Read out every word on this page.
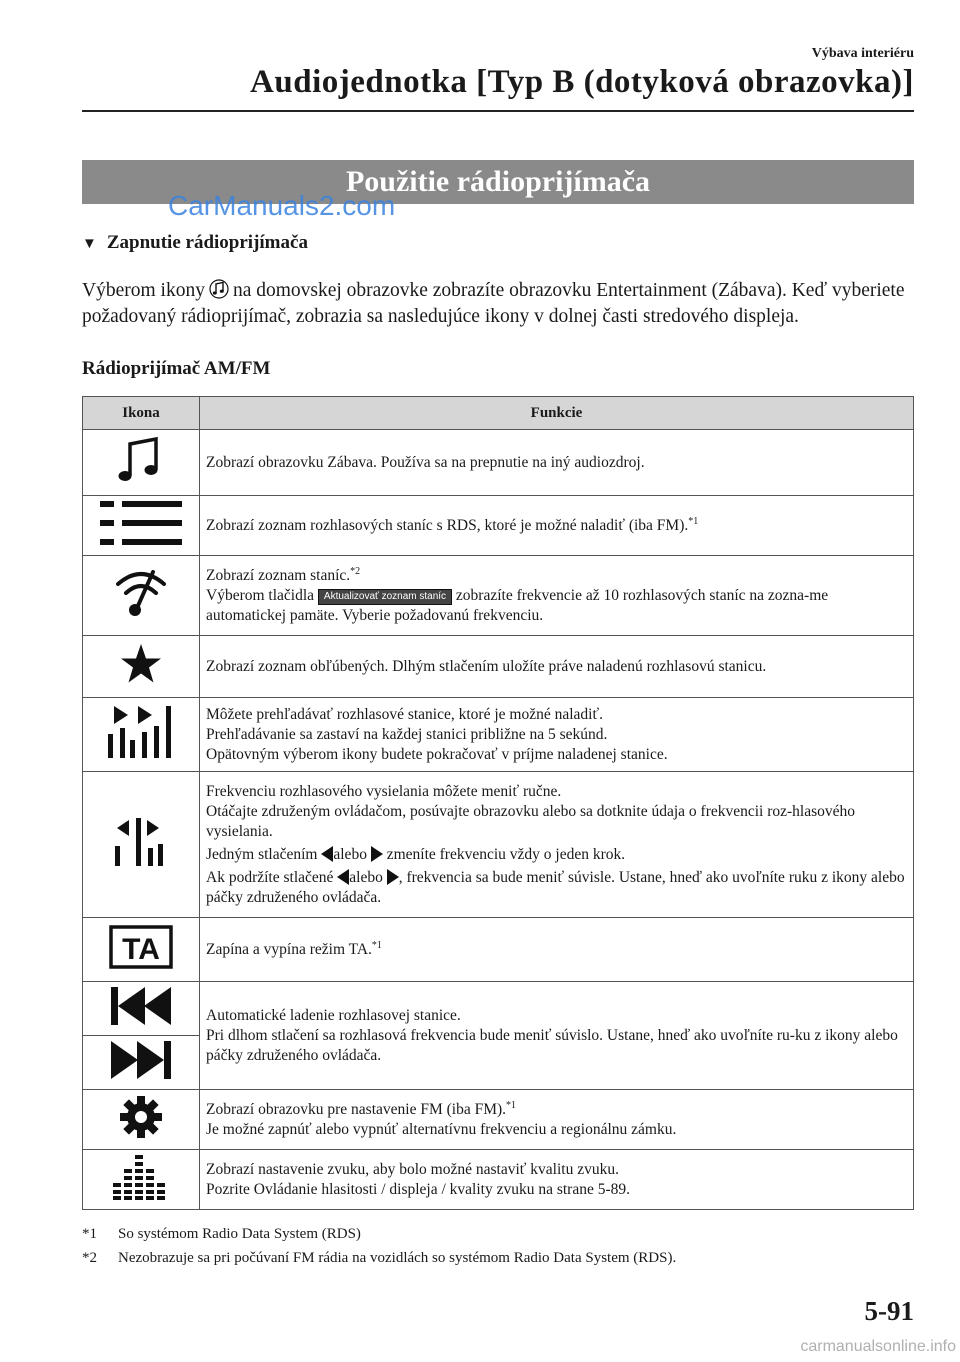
Výbava interiéru
Audiojednotka [Typ B (dotyková obrazovka)]
Použitie rádioprijímača
CarManuals2.com
▼ Zapnutie rádioprijímača
Výberom ikony na domovskej obrazovke zobrazíte obrazovku Entertainment (Zábava). Keď vyberiete požadovaný rádioprijímač, zobrazia sa nasledujúce ikony v dolnej časti stredového displeja.
Rádioprijímač AM/FM
Ikona	Funkcie
	Zobrazí obrazovku Zábava. Používa sa na prepnutie na iný audiozdroj.
	Zobrazí zoznam rozhlasových staníc s RDS, ktoré je možné naladiť (iba FM).$^{*1}$

Zobrazí zoznam staníc.$^{*2}$
Výberom tlačidla Aktualizovať zoznam staníc zobrazíte frekvencie až 10 rozhlasových staníc na zozna-me automatickej pamäte. Vyberie požadovanú frekvenciu.

	Zobrazí zoznam obľúbených. Dlhým stlačením uložíte práve naladenú rozhlasovú stanicu.

Môžete prehľadávať rozhlasové stanice, ktoré je možné naladiť.
Prehľadávanie sa zastaví na každej stanici približne na 5 sekúnd.
Opätovným výberom ikony budete pokračovať v príjme naladenej stanice.

Frekvenciu rozhlasového vysielania môžete meniť ručne.
Otáčajte združeným ovládačom, posúvajte obrazovku alebo sa dotknite údaja o frekvencii roz-hlasového vysielania.
Jedným stlačením alebo zmeníte frekvenciu vždy o jeden krok.
Ak podržíte stlačené alebo , frekvencia sa bude meniť súvisle. Ustane, hneď ako uvoľníte ruku z ikony alebo páčky združeného ovládača.

TA	Zapína a vypína režim TA.$^{*1}$

Automatické ladenie rozhlasovej stanice.
Pri dlhom stlačení sa rozhlasová frekvencia bude meniť súvislo. Ustane, hneď ako uvoľníte ru-ku z ikony alebo páčky združeného ovládača.

Zobrazí obrazovku pre nastavenie FM (iba FM).$^{*1}$
Je možné zapnúť alebo vypnúť alternatívnu frekvenciu a regionálnu zámku.

Zobrazí nastavenie zvuku, aby bolo možné nastaviť kvalitu zvuku.
Pozrite Ovládanie hlasitosti / displeja / kvality zvuku na strane 5-89.
*1 So systémom Radio Data System (RDS)
*2 Nezobrazuje sa pri počúvaní FM rádia na vozidlách so systémom Radio Data System (RDS).
5-91
carmanualsonline.info
